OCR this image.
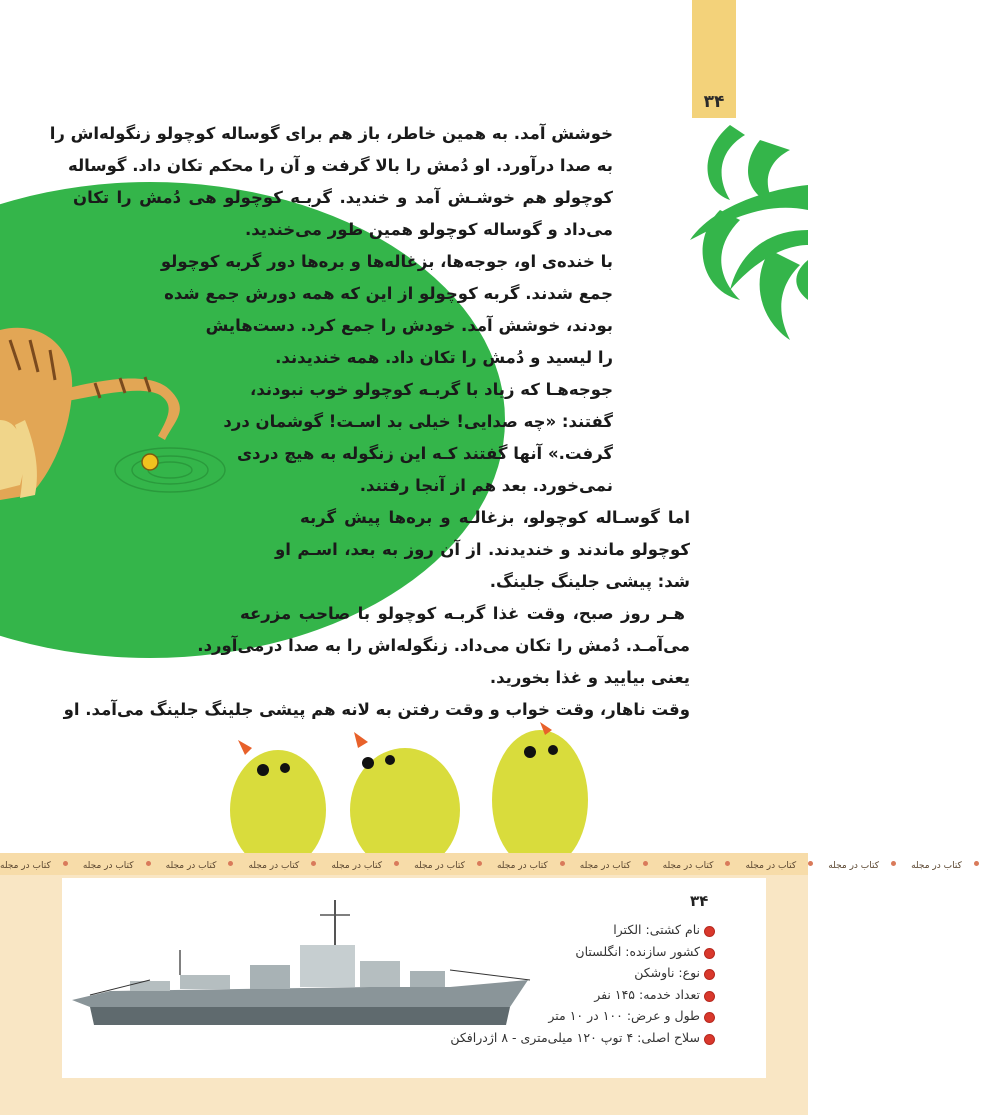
۳۴
خوشش آمد. به همین خاطر، باز هم برای گوساله کوچولو زنگوله‌اش را
به صدا درآورد. او دُمش را بالا گرفت و آن را محکم تکان داد. گوساله
کوچولو هم خوشـش آمد و خندید. گربـه کوچولو هی دُمش را تکان
می‌داد و گوساله کوچولو همین طور می‌خندید.
با خنده‌ی او، جوجه‌ها، بزغاله‌ها و بره‌ها دور گربه کوچولو
جمع شدند. گربه کوچولو از این که همه دورش جمع شده
بودند، خوشش آمد. خودش را جمع کرد. دست‌هایش
را لیسید و دُمش را تکان داد. همه خندیدند.
جوجه‌هـا که زیاد با گربـه کوچولو خوب نبودند،
گفتند: «چه صدایی! خیلی بد اسـت! گوشمان درد
گرفت.» آنها گفتند کـه این زنگوله به هیچ دردی
نمی‌خورد. بعد هم از آنجا رفتند.
اما گوسـاله کوچولو، بزغالـه و بره‌ها پیش گربه
کوچولو ماندند و خندیدند. از آن روز به بعد، اسـم او
شد: پیشی جلینگ جلینگ.
هـر روز صبح، وقت غذا گربـه کوچولو با صاحب مزرعه
می‌آمـد. دُمش را تکان می‌داد. زنگوله‌اش را به صدا درمی‌آورد.
یعنی بیایید و غذا بخورید.
وقت ناهار، وقت خواب و وقت رفتن به لانه هم پیشی جلینگ جلینگ می‌آمد. او
کتاب در مجله	کتاب در مجله	کتاب در مجله	کتاب در مجله	کتاب در مجله	کتاب در مجله	کتاب در مجله	کتاب در مجله	کتاب در مجله	کتاب در مجله	کتاب در مجله	کتاب در مجله
۳۴
نام کشتی: الکترا
کشور سازنده: انگلستان
نوع: ناوشکن
تعداد خدمه: ۱۴۵ نفر
طول و عرض: ۱۰۰ در ۱۰ متر
سلاح اصلی: ۴ توپ ۱۲۰ میلی‌متری - ۸ اژدرافکن
